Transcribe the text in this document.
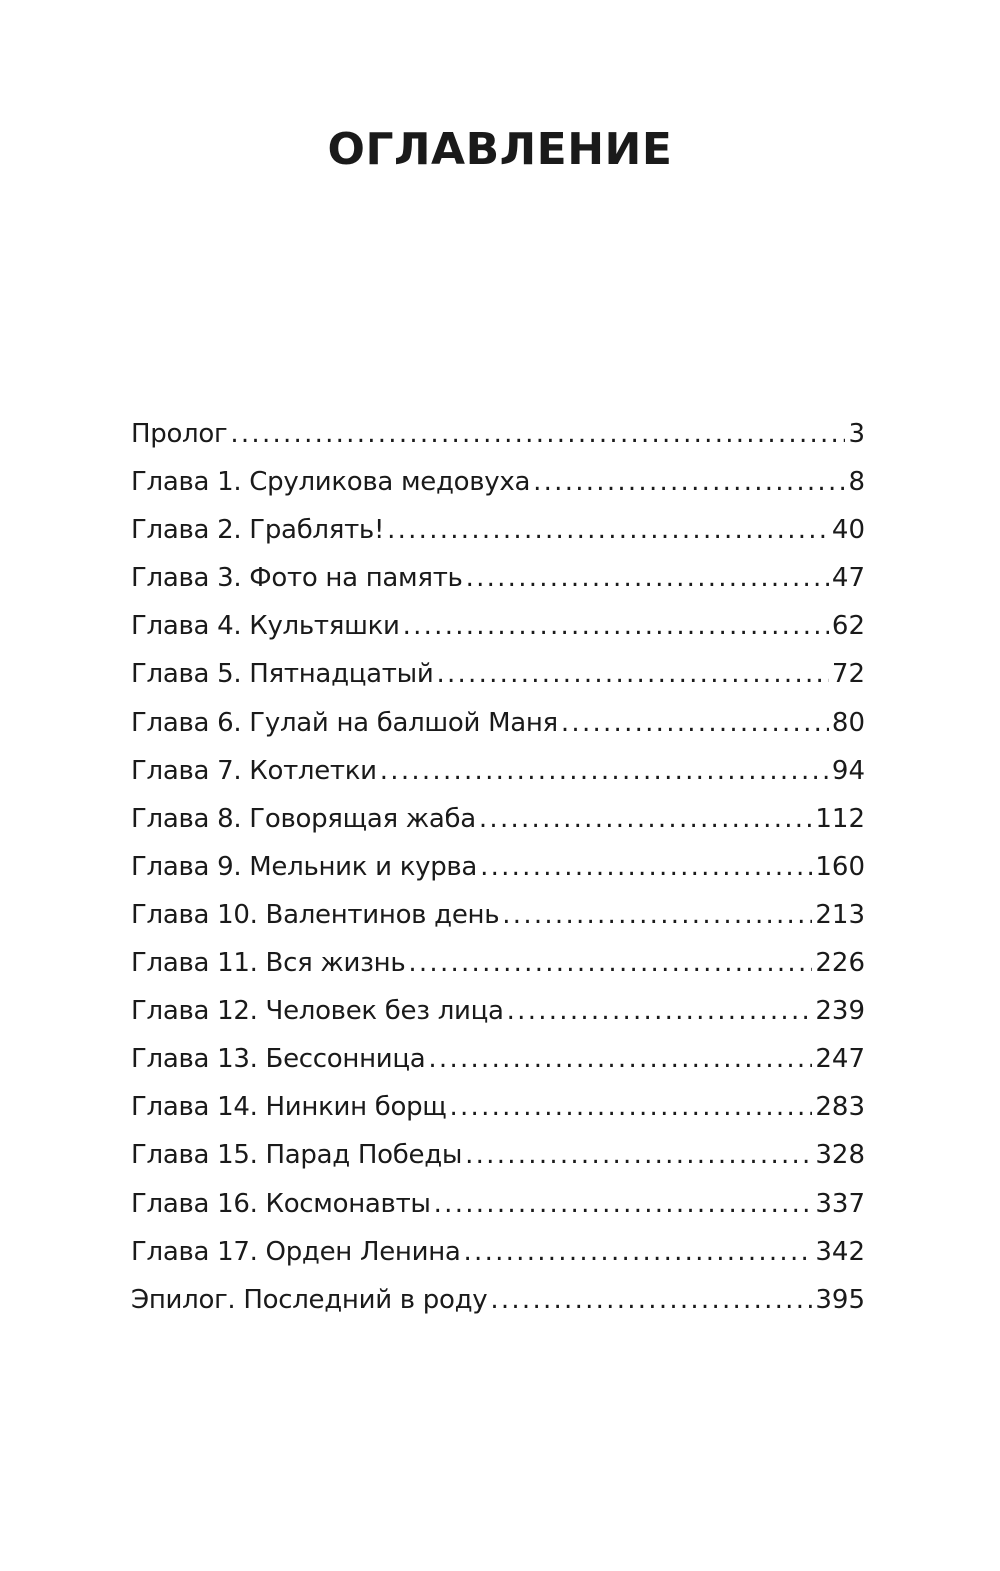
ОГЛАВЛЕНИЕ
Пролог . . .	3
Глава 1. Сруликова медовуха . . .	8
Глава 2. Граблять! . . .	40
Глава 3. Фото на память . . .	47
Глава 4. Культяшки . . .	62
Глава 5. Пятнадцатый . . .	72
Глава 6. Гулай на балшой Маня . . .	80
Глава 7. Котлетки . . .	94
Глава 8. Говорящая жаба . . .	112
Глава 9. Мельник и курва . . .	160
Глава 10. Валентинов день . . .	213
Глава 11. Вся жизнь . . .	226
Глава 12. Человек без лица . . .	239
Глава 13. Бессонница . . .	247
Глава 14. Нинкин борщ . . .	283
Глава 15. Парад Победы . . .	328
Глава 16. Космонавты . . .	337
Глава 17. Орден Ленина . . .	342
Эпилог. Последний в роду . . .	395
